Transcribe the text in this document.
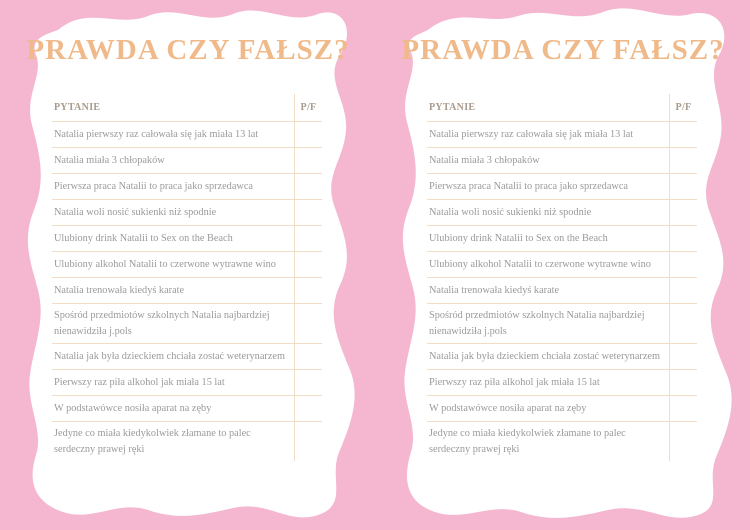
PRAWDA CZY FAŁSZ?
PYTANIE	P/F
Natalia pierwszy raz całowała się jak miała 13 lat
Natalia miała 3 chłopaków
Pierwsza praca Natalii to praca jako sprzedawca
Natalia woli nosić sukienki niż spodnie
Ulubiony drink Natalii to Sex on the Beach
Ulubiony alkohol Natalii to czerwone wytrawne wino
Natalia trenowała kiedyś karate
Spośród przedmiotów szkolnych Natalia najbardziej nienawidziła j.pols
Natalia jak była dzieckiem chciała zostać weterynarzem
Pierwszy raz piła alkohol jak miała 15 lat
W podstawówce nosiła aparat na zęby
Jedyne co miała kiedykolwiek złamane to palec serdeczny prawej ręki
PRAWDA CZY FAŁSZ?
PYTANIE	P/F
Natalia pierwszy raz całowała się jak miała 13 lat
Natalia miała 3 chłopaków
Pierwsza praca Natalii to praca jako sprzedawca
Natalia woli nosić sukienki niż spodnie
Ulubiony drink Natalii to Sex on the Beach
Ulubiony alkohol Natalii to czerwone wytrawne wino
Natalia trenowała kiedyś karate
Spośród przedmiotów szkolnych Natalia najbardziej nienawidziła j.pols
Natalia jak była dzieckiem chciała zostać weterynarzem
Pierwszy raz piła alkohol jak miała 15 lat
W podstawówce nosiła aparat na zęby
Jedyne co miała kiedykolwiek złamane to palec serdeczny prawej ręki
